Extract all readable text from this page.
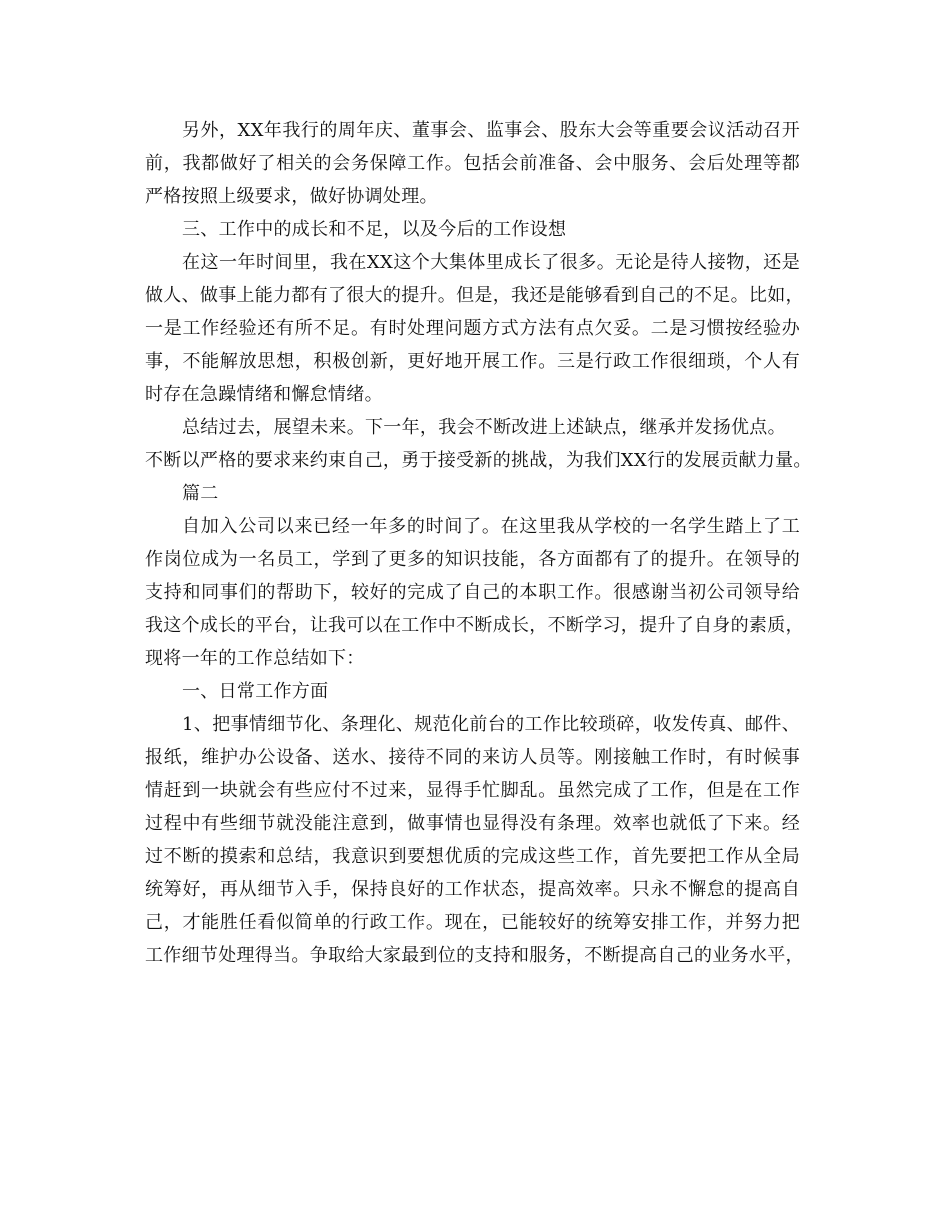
另外，XX年我行的周年庆、董事会、监事会、股东大会等重要会议活动召开

前，我都做好了相关的会务保障工作。包括会前准备、会中服务、会后处理等都

严格按照上级要求，做好协调处理。

三、工作中的成长和不足，以及今后的工作设想

在这一年时间里，我在XX这个大集体里成长了很多。无论是待人接物，还是

做人、做事上能力都有了很大的提升。但是，我还是能够看到自己的不足。比如，

一是工作经验还有所不足。有时处理问题方式方法有点欠妥。二是习惯按经验办

事，不能解放思想，积极创新，更好地开展工作。三是行政工作很细琐，个人有

时存在急躁情绪和懈怠情绪。

总结过去，展望未来。下一年，我会不断改进上述缺点，继承并发扬优点。

不断以严格的要求来约束自己，勇于接受新的挑战，为我们XX行的发展贡献力量。

篇二

自加入公司以来已经一年多的时间了。在这里我从学校的一名学生踏上了工

作岗位成为一名员工，学到了更多的知识技能，各方面都有了的提升。在领导的

支持和同事们的帮助下，较好的完成了自己的本职工作。很感谢当初公司领导给

我这个成长的平台，让我可以在工作中不断成长，不断学习，提升了自身的素质，

现将一年的工作总结如下：

一、日常工作方面

1、把事情细节化、条理化、规范化前台的工作比较琐碎，收发传真、邮件、

报纸，维护办公设备、送水、接待不同的来访人员等。刚接触工作时，有时候事

情赶到一块就会有些应付不过来，显得手忙脚乱。虽然完成了工作，但是在工作

过程中有些细节就没能注意到，做事情也显得没有条理。效率也就低了下来。经

过不断的摸索和总结，我意识到要想优质的完成这些工作，首先要把工作从全局

统筹好，再从细节入手，保持良好的工作状态，提高效率。只永不懈怠的提高自

己，才能胜任看似简单的行政工作。现在，已能较好的统筹安排工作，并努力把

工作细节处理得当。争取给大家最到位的支持和服务，不断提高自己的业务水平，
